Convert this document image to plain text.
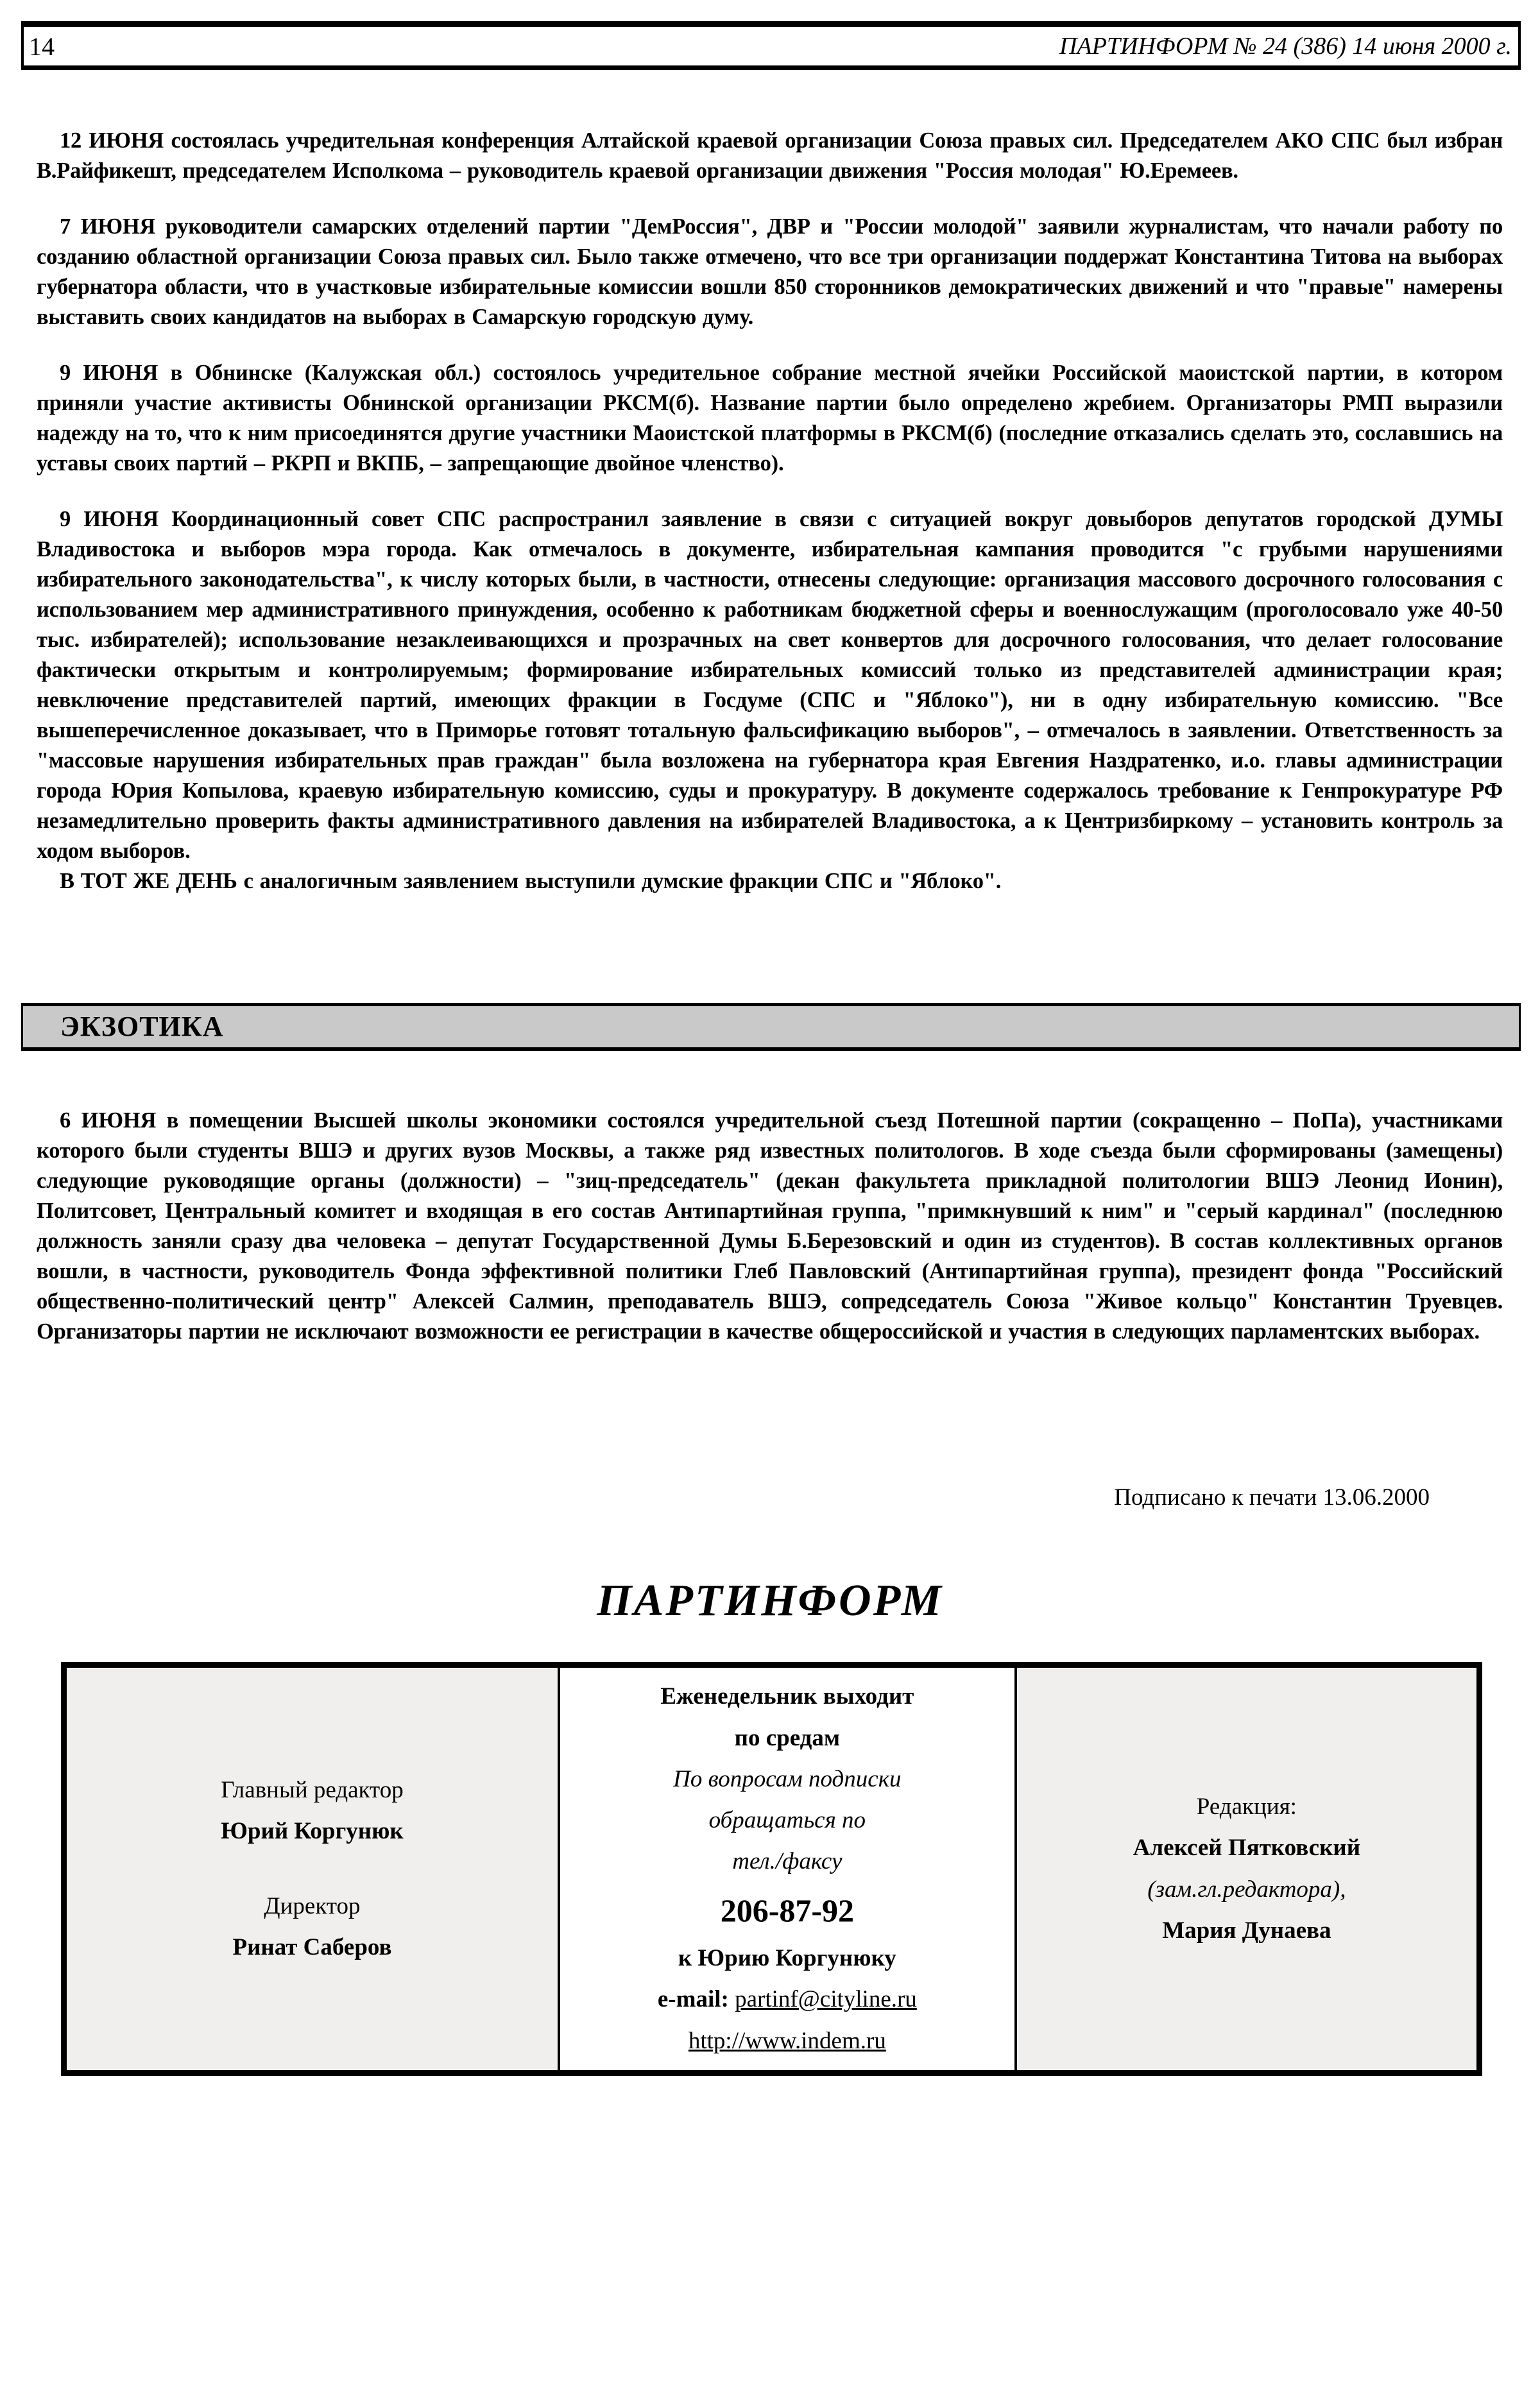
14	ПАРТИНФОРМ № 24 (386) 14 июня 2000 г.

12 ИЮНЯ состоялась учредительная конференция Алтайской краевой организации Союза правых сил. Председателем АКО СПС был избран В.Райфикешт, председателем Исполкома – руководитель краевой организации движения "Россия молодая" Ю.Еремеев.

7 ИЮНЯ руководители самарских отделений партии "ДемРоссия", ДВР и "России молодой" заявили журналистам, что начали работу по созданию областной организации Союза правых сил. Было также отмечено, что все три организации поддержат Константина Титова на выборах губернатора области, что в участковые избирательные комиссии вошли 850 сторонников демократических движений и что "правые" намерены выставить своих кандидатов на выборах в Самарскую городскую думу.

9 ИЮНЯ в Обнинске (Калужская обл.) состоялось учредительное собрание местной ячейки Российской маоистской партии, в котором приняли участие активисты Обнинской организации РКСМ(б). Название партии было определено жребием. Организаторы РМП выразили надежду на то, что к ним присоединятся другие участники Маоистской платформы в РКСМ(б) (последние отказались сделать это, сославшись на уставы своих партий – РКРП и ВКПБ, – запрещающие двойное членство).

9 ИЮНЯ Координационный совет СПС распространил заявление в связи с ситуацией вокруг довыборов депутатов городской ДУМЫ Владивостока и выборов мэра города. Как отмечалось в документе, избирательная кампания проводится "с грубыми нарушениями избирательного законодательства", к числу которых были, в частности, отнесены следующие: организация массового досрочного голосования с использованием мер административного принуждения, особенно к работникам бюджетной сферы и военнослужащим (проголосовало уже 40-50 тыс. избирателей); использование незаклеивающихся и прозрачных на свет конвертов для досрочного голосования, что делает голосование фактически открытым и контролируемым; формирование избирательных комиссий только из представителей администрации края; невключение представителей партий, имеющих фракции в Госдуме (СПС и "Яблоко"), ни в одну избирательную комиссию. "Все вышеперечисленное доказывает, что в Приморье готовят тотальную фальсификацию выборов", – отмечалось в заявлении. Ответственность за "массовые нарушения избирательных прав граждан" была возложена на губернатора края Евгения Наздратенко, и.о. главы администрации города Юрия Копылова, краевую избирательную комиссию, суды и прокуратуру. В документе содержалось требование к Генпрокуратуре РФ незамедлительно проверить факты административного давления на избирателей Владивостока, а к Центризбиркому – установить контроль за ходом выборов.

В ТОТ ЖЕ ДЕНЬ с аналогичным заявлением выступили думские фракции СПС и "Яблоко".

ЭКЗОТИКА

6 ИЮНЯ в помещении Высшей школы экономики состоялся учредительной съезд Потешной партии (сокращенно – ПоПа), участниками которого были студенты ВШЭ и других вузов Москвы, а также ряд известных политологов. В ходе съезда были сформированы (замещены) следующие руководящие органы (должности) – "зиц-председатель" (декан факультета прикладной политологии ВШЭ Леонид Ионин), Политсовет, Центральный комитет и входящая в его состав Антипартийная группа, "примкнувший к ним" и "серый кардинал" (последнюю должность заняли сразу два человека – депутат Государственной Думы Б.Березовский и один из студентов). В состав коллективных органов вошли, в частности, руководитель Фонда эффективной политики Глеб Павловский (Антипартийная группа), президент фонда "Российский общественно-политический центр" Алексей Салмин, преподаватель ВШЭ, сопредседатель Союза "Живое кольцо" Константин Труевцев. Организаторы партии не исключают возможности ее регистрации в качестве общероссийской и участия в следующих парламентских выборах.

Подписано к печати 13.06.2000
ПАРТИНФОРМ

Главный редактор

Юрий Коргунюк

Директор

Ринат Саберов

Еженедельник выходит

по средам

По вопросам подписки

обращаться по

тел./факсу

206-87-92

к Юрию Коргунюку

e-mail: partinf@cityline.ru

http://www.indem.ru

Редакция:

Алексей Пятковский

(зам.гл.редактора),

Мария Дунаева
